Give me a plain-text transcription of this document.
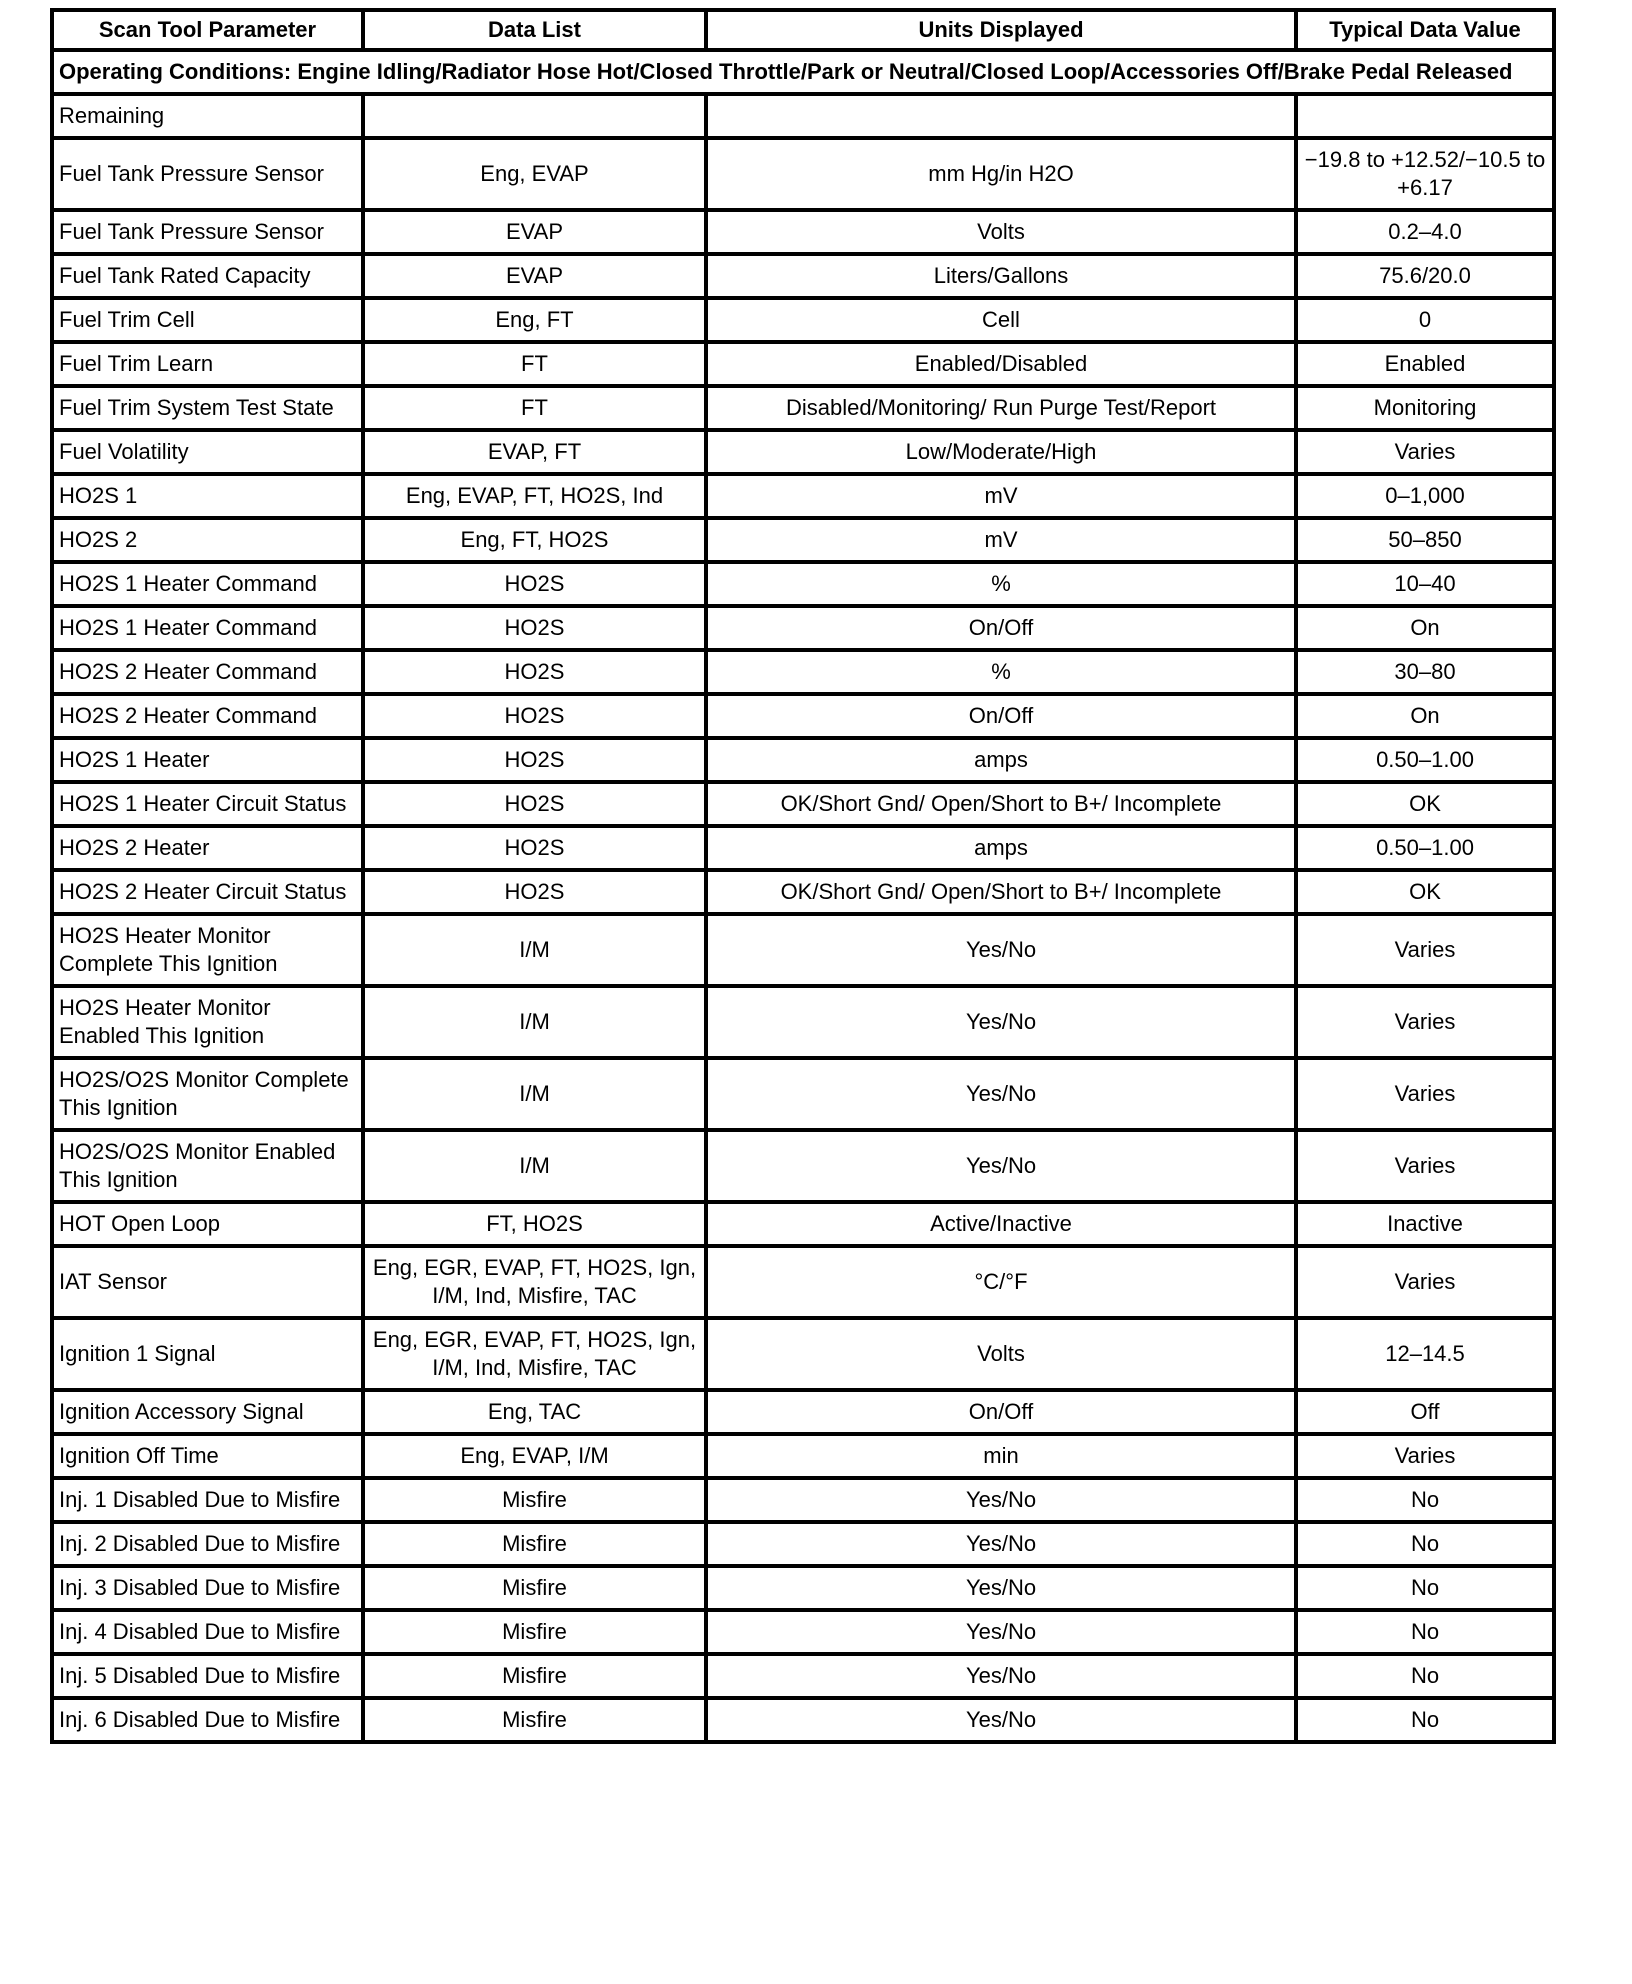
Scan Tool Parameter	Data List	Units Displayed	Typical Data Value
Operating Conditions: Engine Idling/Radiator Hose Hot/Closed Throttle/Park or Neutral/Closed Loop/Accessories Off/Brake Pedal Released			
Remaining			
Fuel Tank Pressure Sensor	Eng, EVAP	mm Hg/in H2O	−19.8 to +12.52/−10.5 to +6.17
Fuel Tank Pressure Sensor	EVAP	Volts	0.2–4.0
Fuel Tank Rated Capacity	EVAP	Liters/Gallons	75.6/20.0
Fuel Trim Cell	Eng, FT	Cell	0
Fuel Trim Learn	FT	Enabled/Disabled	Enabled
Fuel Trim System Test State	FT	Disabled/Monitoring/ Run Purge Test/Report	Monitoring
Fuel Volatility	EVAP, FT	Low/Moderate/High	Varies
HO2S 1	Eng, EVAP, FT, HO2S, Ind	mV	0–1,000
HO2S 2	Eng, FT, HO2S	mV	50–850
HO2S 1 Heater Command	HO2S	%	10–40
HO2S 1 Heater Command	HO2S	On/Off	On
HO2S 2 Heater Command	HO2S	%	30–80
HO2S 2 Heater Command	HO2S	On/Off	On
HO2S 1 Heater	HO2S	amps	0.50–1.00
HO2S 1 Heater Circuit Status	HO2S	OK/Short Gnd/ Open/Short to B+/ Incomplete	OK
HO2S 2 Heater	HO2S	amps	0.50–1.00
HO2S 2 Heater Circuit Status	HO2S	OK/Short Gnd/ Open/Short to B+/ Incomplete	OK
HO2S Heater Monitor Complete This Ignition	I/M	Yes/No	Varies
HO2S Heater Monitor Enabled This Ignition	I/M	Yes/No	Varies
HO2S/O2S Monitor Complete This Ignition	I/M	Yes/No	Varies
HO2S/O2S Monitor Enabled This Ignition	I/M	Yes/No	Varies
HOT Open Loop	FT, HO2S	Active/Inactive	Inactive
IAT Sensor	Eng, EGR, EVAP, FT, HO2S, Ign, I/M, Ind, Misfire, TAC	°C/°F	Varies
Ignition 1 Signal	Eng, EGR, EVAP, FT, HO2S, Ign, I/M, Ind, Misfire, TAC	Volts	12–14.5
Ignition Accessory Signal	Eng, TAC	On/Off	Off
Ignition Off Time	Eng, EVAP, I/M	min	Varies
Inj. 1 Disabled Due to Misfire	Misfire	Yes/No	No
Inj. 2 Disabled Due to Misfire	Misfire	Yes/No	No
Inj. 3 Disabled Due to Misfire	Misfire	Yes/No	No
Inj. 4 Disabled Due to Misfire	Misfire	Yes/No	No
Inj. 5 Disabled Due to Misfire	Misfire	Yes/No	No
Inj. 6 Disabled Due to Misfire	Misfire	Yes/No	No
